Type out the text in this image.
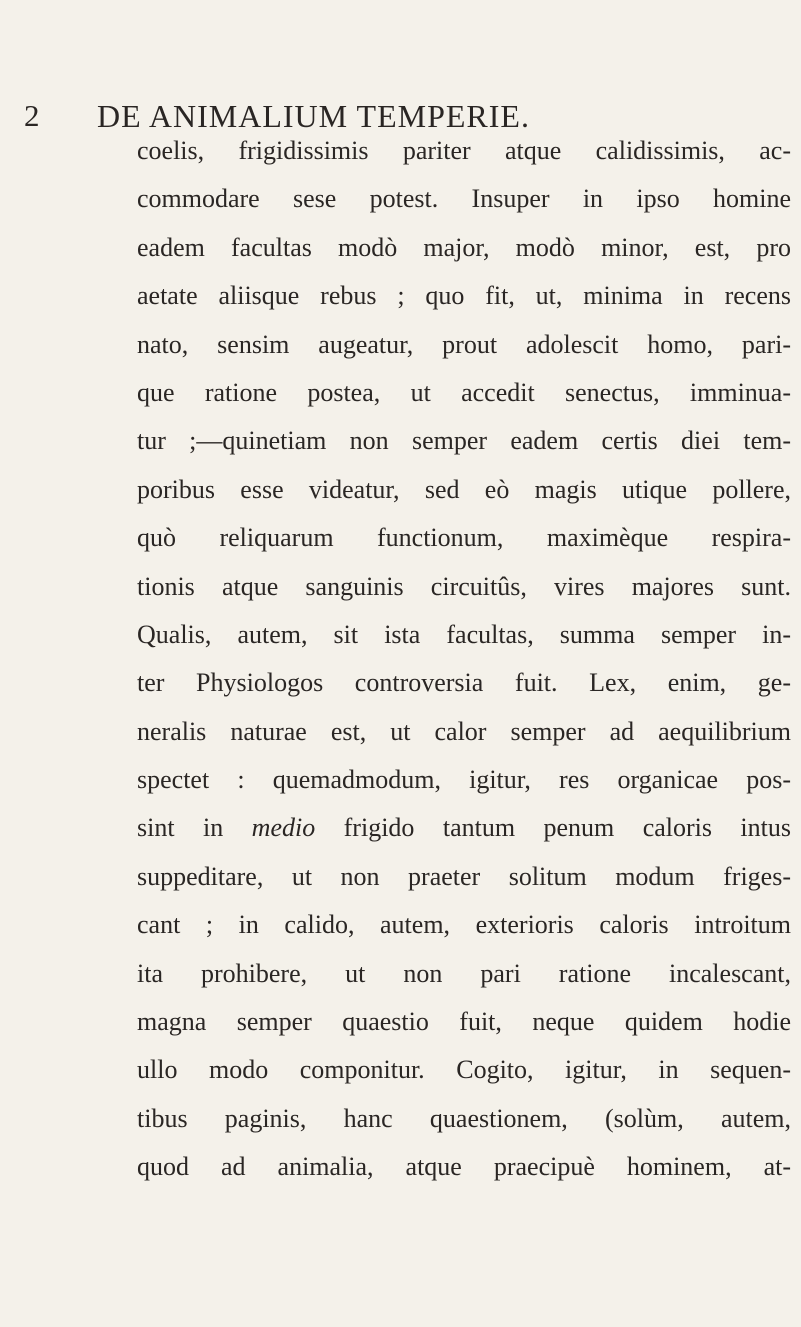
2 DE ANIMALIUM TEMPERIE.
coelis, frigidissimis pariter atque calidissimis, ac-
commodare sese potest. Insuper in ipso homine
eadem facultas modò major, modò minor, est, pro
aetate aliisque rebus ; quo fit, ut, minima in recens
nato, sensim augeatur, prout adolescit homo, pari-
que ratione postea, ut accedit senectus, imminua-
tur ;—quinetiam non semper eadem certis diei tem-
poribus esse videatur, sed eò magis utique pollere,
quò reliquarum functionum, maximèque respira-
tionis atque sanguinis circuitûs, vires majores sunt.
Qualis, autem, sit ista facultas, summa semper in-
ter Physiologos controversia fuit. Lex, enim, ge-
neralis naturae est, ut calor semper ad aequilibrium
spectet : quemadmodum, igitur, res organicae pos-
sint in medio frigido tantum penum caloris intus
suppeditare, ut non praeter solitum modum friges-
cant ; in calido, autem, exterioris caloris introitum
ita prohibere, ut non pari ratione incalescant,
magna semper quaestio fuit, neque quidem hodie
ullo modo componitur. Cogito, igitur, in sequen-
tibus paginis, hanc quaestionem, (solùm, autem,
quod ad animalia, atque praecipuè hominem, at-
